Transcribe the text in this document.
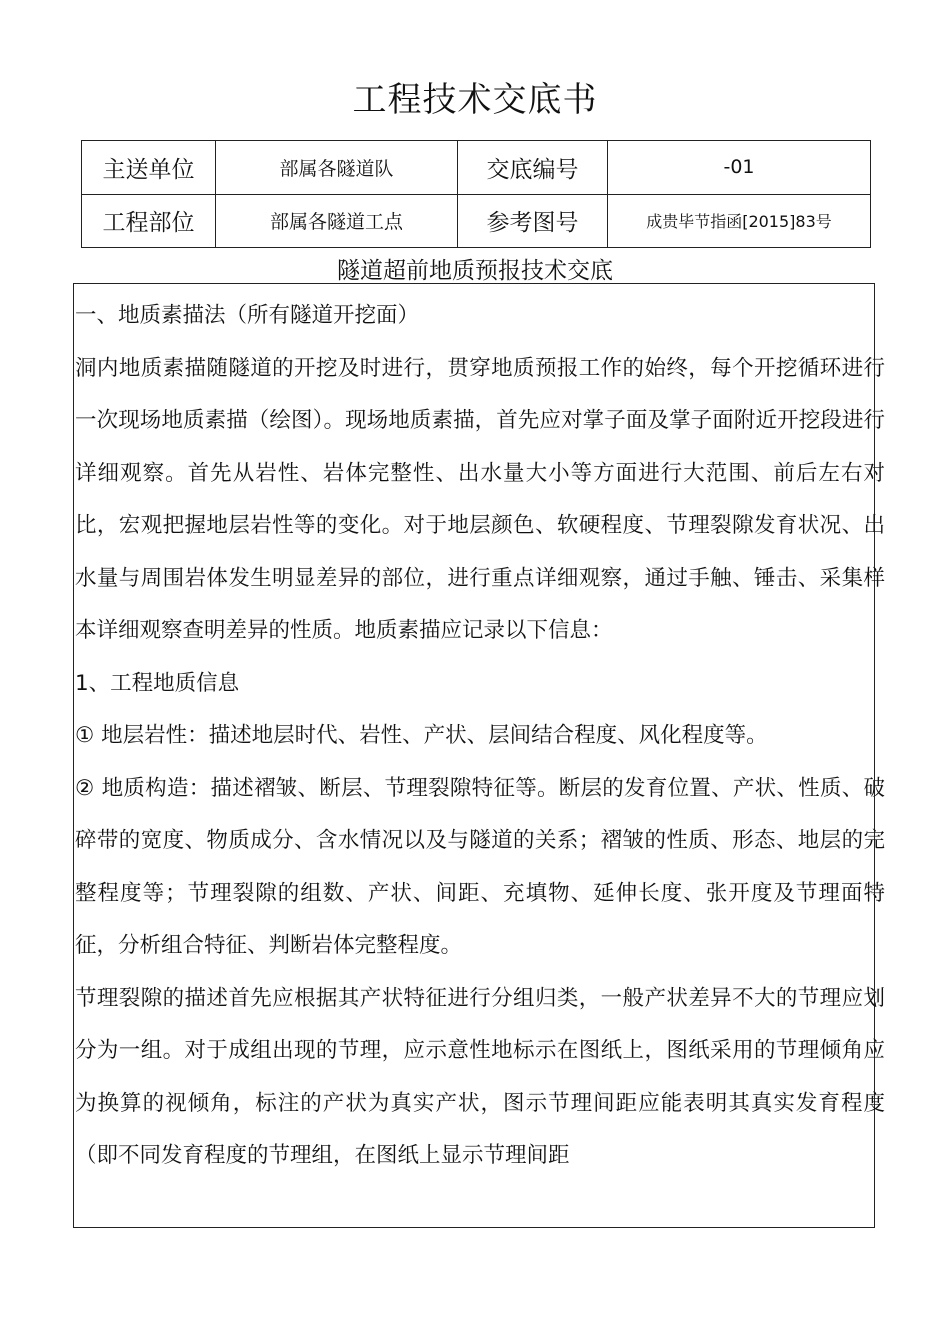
工程技术交底书
主送单位	部属各隧道队	交底编号	-01
工程部位	部属各隧道工点	参考图号	成贵毕节指函[2015]83号
隧道超前地质预报技术交底

一、地质素描法（所有隧道开挖面）

洞内地质素描随隧道的开挖及时进行，贯穿地质预报工作的始终，每个开挖循环进行一次现场地质素描（绘图）。现场地质素描，首先应对掌子面及掌子面附近开挖段进行详细观察。首先从岩性、岩体完整性、出水量大小等方面进行大范围、前后左右对比，宏观把握地层岩性等的变化。对于地层颜色、软硬程度、节理裂隙发育状况、出水量与周围岩体发生明显差异的部位，进行重点详细观察，通过手触、锤击、采集样本详细观察查明差异的性质。地质素描应记录以下信息：

1、工程地质信息

① 地层岩性：描述地层时代、岩性、产状、层间结合程度、风化程度等。

② 地质构造：描述褶皱、断层、节理裂隙特征等。断层的发育位置、产状、性质、破碎带的宽度、物质成分、含水情况以及与隧道的关系；褶皱的性质、形态、地层的完整程度等；节理裂隙的组数、产状、间距、充填物、延伸长度、张开度及节理面特征，分析组合特征、判断岩体完整程度。

节理裂隙的描述首先应根据其产状特征进行分组归类，一般产状差异不大的节理应划分为一组。对于成组出现的节理，应示意性地标示在图纸上，图纸采用的节理倾角应为换算的视倾角，标注的产状为真实产状，图示节理间距应能表明其真实发育程度（即不同发育程度的节理组，在图纸上显示节理间距
